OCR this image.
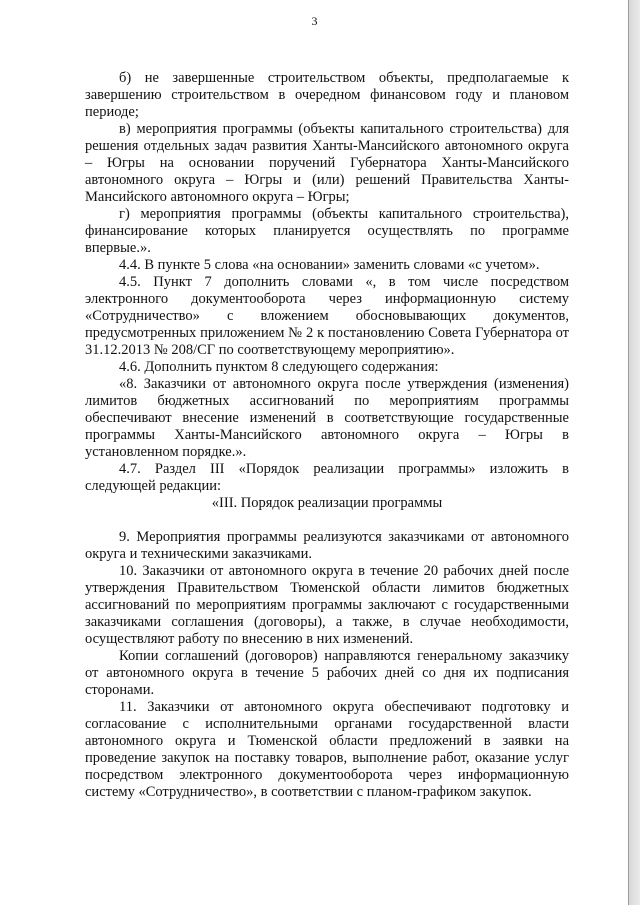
3

б) не завершенные строительством объекты, предполагаемые к завершению строительством в очередном финансовом году и плановом периоде;

в) мероприятия программы (объекты капитального строительства) для решения отдельных задач развития Ханты-Мансийского автономного округа – Югры на основании поручений Губернатора Ханты-Мансийского автономного округа – Югры и (или) решений Правительства Ханты-Мансийского автономного округа – Югры;

г) мероприятия программы (объекты капитального строительства), финансирование которых планируется осуществлять по программе впервые.».

4.4. В пункте 5 слова «на основании» заменить словами «с учетом».

4.5. Пункт 7 дополнить словами «, в том числе посредством электронного документооборота через информационную систему «Сотрудничество» с вложением обосновывающих документов, предусмотренных приложением № 2 к постановлению Совета Губернатора от 31.12.2013 № 208/СГ по соответствующему мероприятию».

4.6. Дополнить пунктом 8 следующего содержания:

«8. Заказчики от автономного округа после утверждения (изменения) лимитов бюджетных ассигнований по мероприятиям программы обеспечивают внесение изменений в соответствующие государственные программы Ханты-Мансийского автономного округа – Югры в установленном порядке.».

4.7. Раздел III «Порядок реализации программы» изложить в следующей редакции:

«III. Порядок реализации программы

9. Мероприятия программы реализуются заказчиками от автономного округа и техническими заказчиками.

10. Заказчики от автономного округа в течение 20 рабочих дней после утверждения Правительством Тюменской области лимитов бюджетных ассигнований по мероприятиям программы заключают с государственными заказчиками соглашения (договоры), а также, в случае необходимости, осуществляют работу по внесению в них изменений.

Копии соглашений (договоров) направляются генеральному заказчику от автономного округа в течение 5 рабочих дней со дня их подписания сторонами.

11. Заказчики от автономного округа обеспечивают подготовку и согласование с исполнительными органами государственной власти автономного округа и Тюменской области предложений в заявки на проведение закупок на поставку товаров, выполнение работ, оказание услуг посредством электронного документооборота через информационную систему «Сотрудничество», в соответствии с планом-графиком закупок.
